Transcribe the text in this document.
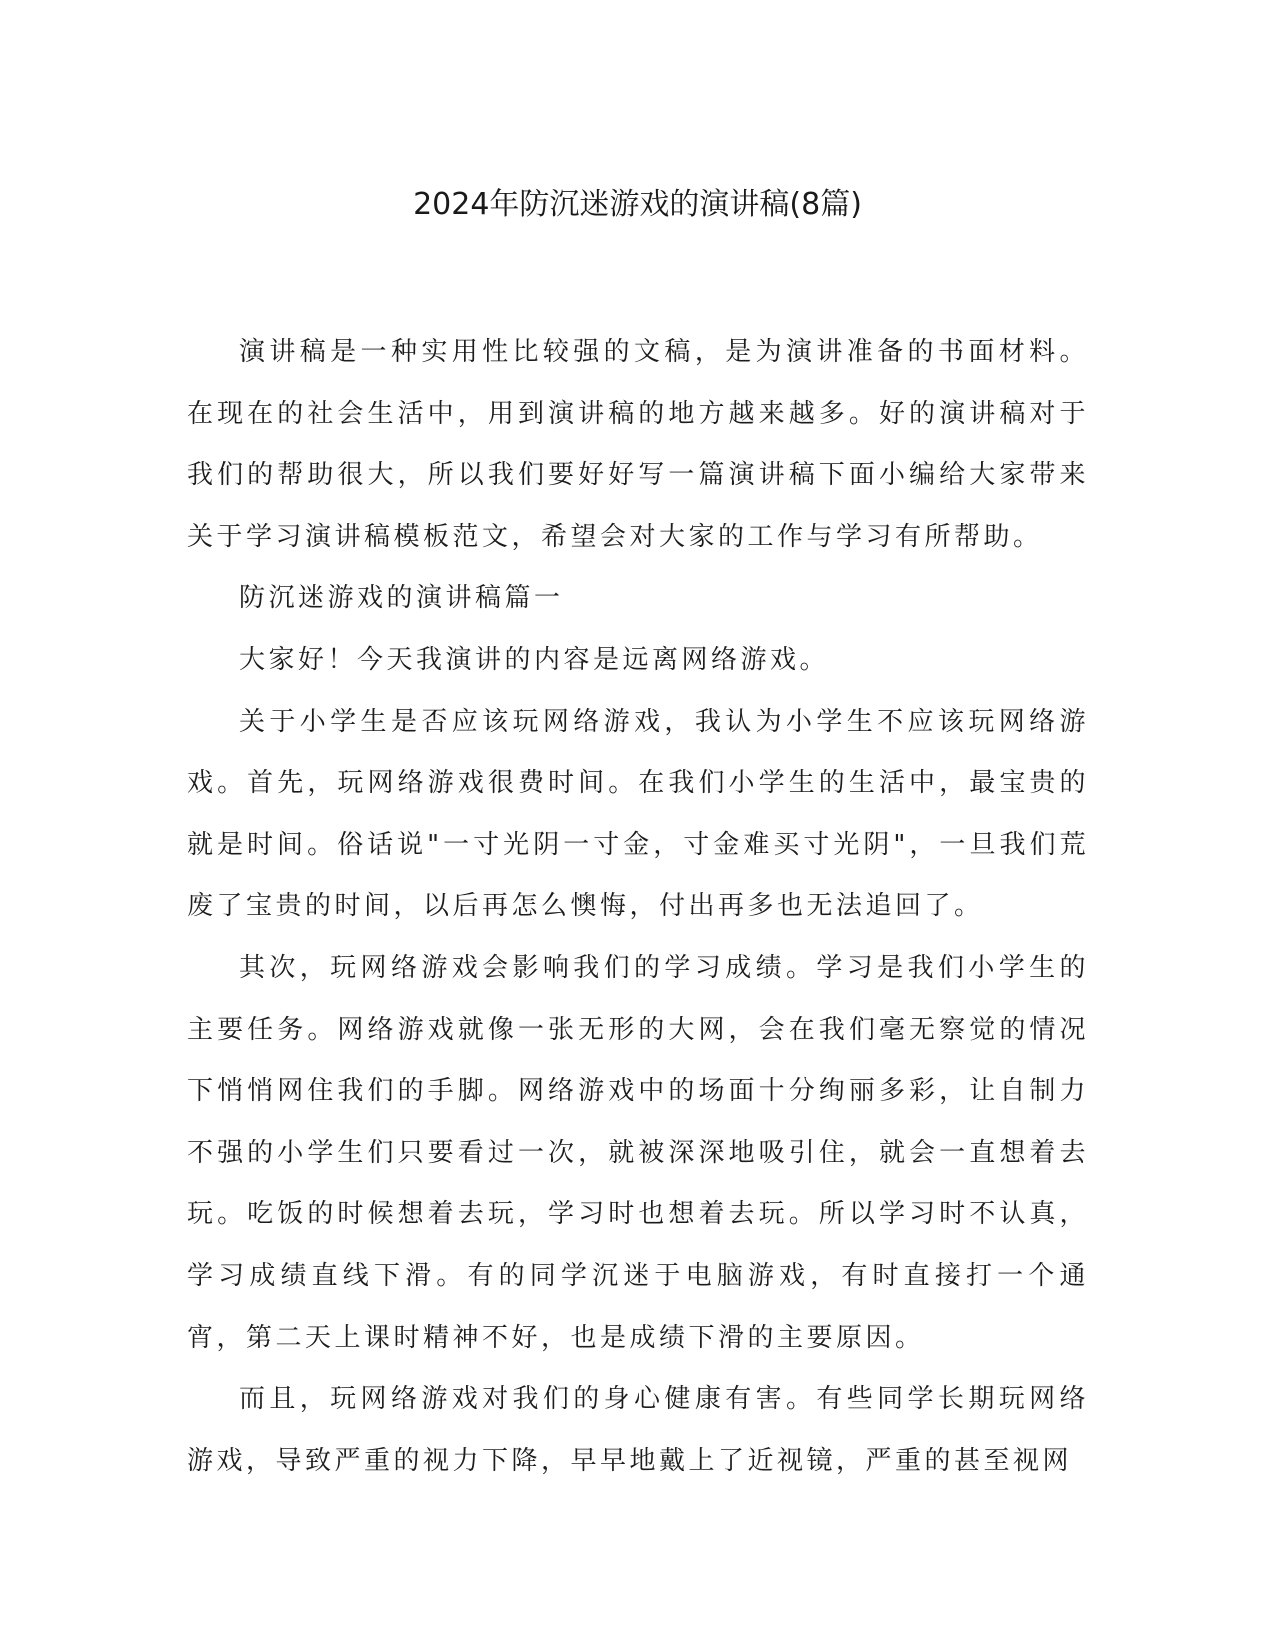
2024年防沉迷游戏的演讲稿(8篇)

演讲稿是一种实用性比较强的文稿，是为演讲准备的书面材料。在现在的社会生活中，用到演讲稿的地方越来越多。好的演讲稿对于我们的帮助很大，所以我们要好好写一篇演讲稿下面小编给大家带来关于学习演讲稿模板范文，希望会对大家的工作与学习有所帮助。

防沉迷游戏的演讲稿篇一

大家好！今天我演讲的内容是远离网络游戏。

关于小学生是否应该玩网络游戏，我认为小学生不应该玩网络游戏。首先，玩网络游戏很费时间。在我们小学生的生活中，最宝贵的就是时间。俗话说"一寸光阴一寸金，寸金难买寸光阴"，一旦我们荒废了宝贵的时间，以后再怎么懊悔，付出再多也无法追回了。

其次，玩网络游戏会影响我们的学习成绩。学习是我们小学生的主要任务。网络游戏就像一张无形的大网，会在我们毫无察觉的情况下悄悄网住我们的手脚。网络游戏中的场面十分绚丽多彩，让自制力不强的小学生们只要看过一次，就被深深地吸引住，就会一直想着去玩。吃饭的时候想着去玩，学习时也想着去玩。所以学习时不认真，学习成绩直线下滑。有的同学沉迷于电脑游戏，有时直接打一个通宵，第二天上课时精神不好，也是成绩下滑的主要原因。

而且，玩网络游戏对我们的身心健康有害。有些同学长期玩网络游戏，导致严重的视力下降，早早地戴上了近视镜，严重的甚至视网
